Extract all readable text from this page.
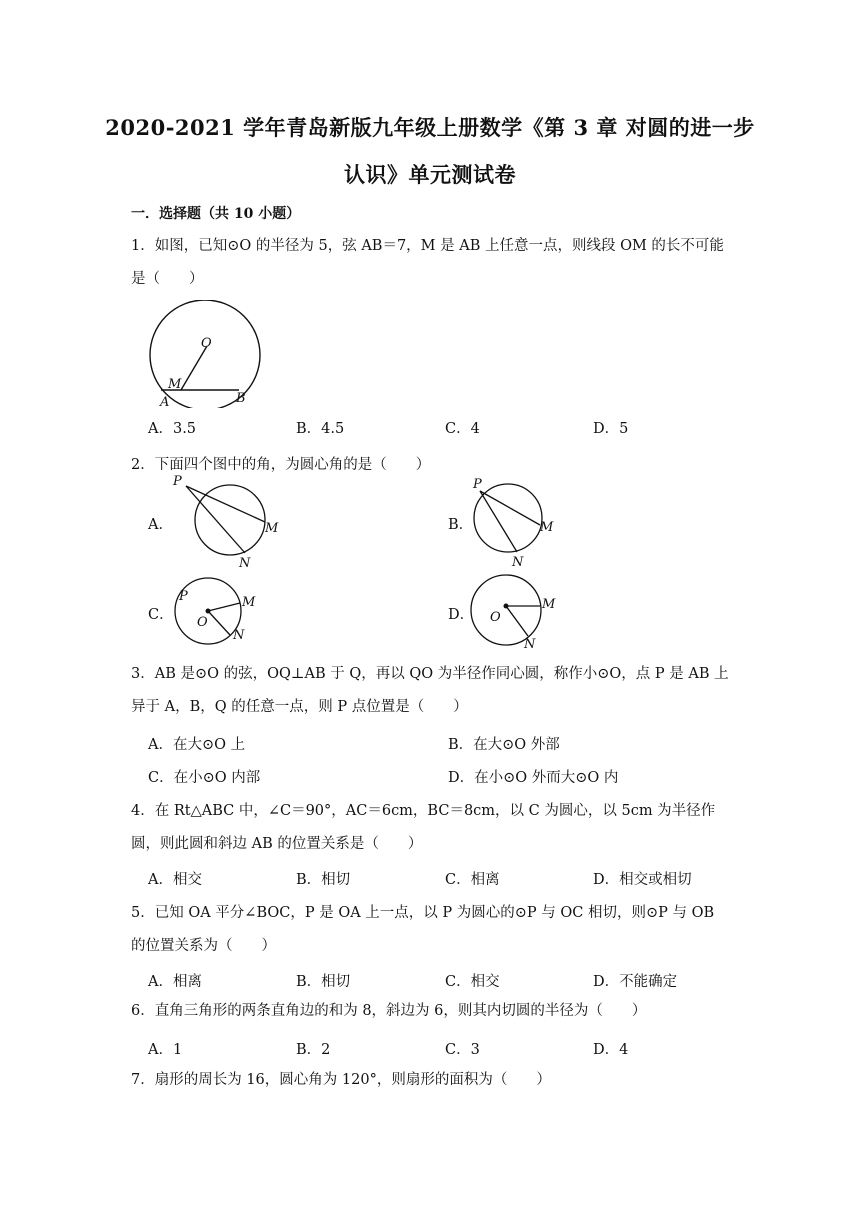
2020-2021 学年青岛新版九年级上册数学《第 3 章 对圆的进一步
认识》单元测试卷
一．选择题（共 10 小题）
1．如图，已知⊙O 的半径为 5，弦 AB＝7，M 是 AB 上任意一点，则线段 OM 的长不可能是（　　）
O
M
A	B
A．3.5	B．4.5	C．4	D．5
2．下面四个图中的角，为圆心角的是（　　）
A．
P
M
N
B．
P
M
N
C．
P
O
M
N
D． O
M
N
3．AB 是⊙O 的弦，OQ⊥AB 于 Q，再以 QO 为半径作同心圆，称作小⊙O，点 P 是 AB 上异于 A，B，Q 的任意一点，则 P 点位置是（　　）
A．在大⊙O 上	B．在大⊙O 外部
C．在小⊙O 内部	D．在小⊙O 外而大⊙O 内
4．在 Rt△ABC 中，∠C＝90°，AC＝6cm，BC＝8cm，以 C 为圆心，以 5cm 为半径作圆，则此圆和斜边 AB 的位置关系是（　　）
A．相交	B．相切	C．相离	D．相交或相切
5．已知 OA 平分∠BOC，P 是 OA 上一点，以 P 为圆心的⊙P 与 OC 相切，则⊙P 与 OB 的位置关系为（　　）
A．相离	B．相切	C．相交	D．不能确定
6．直角三角形的两条直角边的和为 8，斜边为 6，则其内切圆的半径为（　　）
A．1	B．2	C．3	D．4
7．扇形的周长为 16，圆心角为 120°，则扇形的面积为（　　）
